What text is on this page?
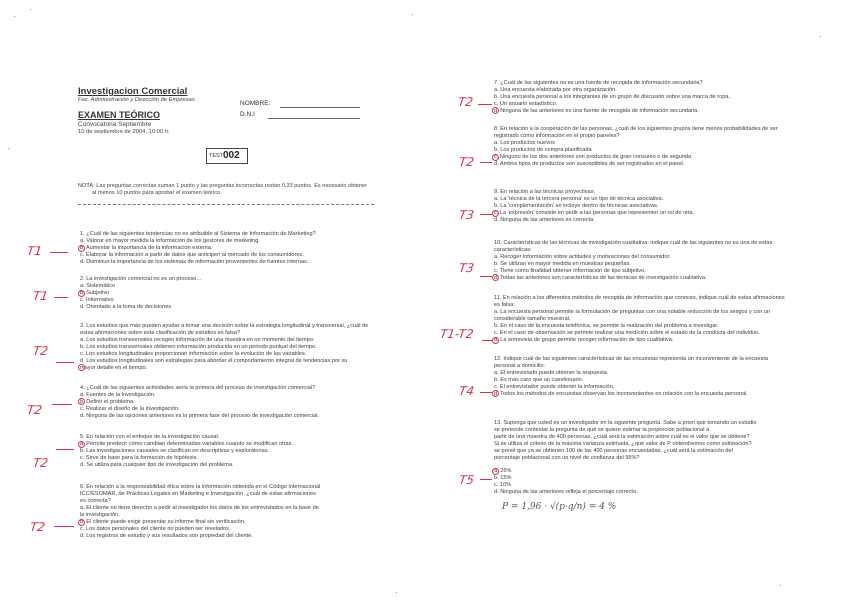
Investigacion Comercial
Fac. Administración y Dirección de Empresas
EXAMEN TEÓRICO
Convocatoria Septiembre
10 de septiembre de 2004, 10:00 h.
NOMBRE:
D.N.I
TEST 002
NOTA: Las preguntas correctas suman 1 punto y las preguntas incorrectas restan 0,33 puntos. Es necesario obtener
al menos 10 puntos para aprobar el examen teórico.
1. ¿Cuál de las siguientes tendencias no es atribuible al Sistema de Información de Marketing?
a. Valorar en mayor medida la información de los gestores de marketing.
b. Aumentar la importancia de la información externa.
c. Elaborar la información a partir de datos que anticipen al mercado de los consumidores.
d. Disminuir la importancia de los sistemas de información provenientes de fuentes internas.
2. La investigación comercial no es un proceso...
a. Sistemático
b. Subjetivo
c. Informativo
d. Orientado a la toma de decisiones
3. Los estudios que más pueden ayudar a tomar una decisión sobre la estrategia longitudinal y transversal, ¿cuál de
estas afirmaciones sobre esta clasificación de estudios es falsa?
a. Los estudios transversales recogen información de una muestra en un momento del tiempo.
b. Los estudios transversales obtienen información producida en un periodo puntual del tiempo.
c. Los estudios longitudinales proporcionan información sobre la evolución de las variables.
d. Los estudios longitudinales son estrategias para abordar el comportamiento integral de tendencias por su
mayor detalle en el tiempo.
4. ¿Cuál de las siguientes actividades sería la primera del proceso de investigación comercial?
a. Fuentes de la investigación.
b. Definir el problema.
c. Realizar el diseño de la investigación.
d. Ninguna de las opciones anteriores es la primera fase del proceso de investigación comercial.
5. En relación con el enfoque de la investigación causal:
a. Permite predecir cómo cambian determinadas variables cuando se modifican otras.
b. Las investigaciones causales se clasifican en descriptivas y exploratorias.
c. Sirve de base para la formación de hipótesis.
d. Se utiliza para cualquier tipo de investigación del problema.
6. En relación a la responsabilidad ética sobre la información obtenida en el Código Internacional
ICC/ESOMAR, de Prácticas Legales en Marketing e Investigación, ¿cuál de estas afirmaciones
es correcta?
a. El cliente no tiene derecho a pedir al investigador los datos de los entrevistados en la base de
la investigación.
b. El cliente puede exigir presentar su informe final sin verificación.
c. Los datos personales del cliente no pueden ser revelados.
d. Los registros de estudio y sus resultados son propiedad del cliente.
7. ¿Cuál de las siguientes no es una fuente de recogida de información secundaria?
a. Una encuesta elaborada por otra organización.
b. Una encuesta personal a los integrantes de un grupo de discusión sobre una marca de ropa.
c. Un anuario estadístico.
d. Ninguna de las anteriores es una fuente de recogida de información secundaria.
8. En relación a la cooperación de las personas, ¿cuál de los siguientes grupos tiene menos probabilidades de ser
registrado como información en el propio paneles?
a. Los productos nuevos
b. Los productos de compra planificada
c. Ninguno de los dos anteriores son productos de gran consumo o de segunda
d. Ambos tipos de productos son susceptibles de ser registrados en el panel.
9. En relación a las técnicas proyectivas:
a. La 'técnica de la tercera persona' es un tipo de técnica asociativa.
b. La 'complementación' se incluye dentro de técnicas asociativas.
c. La 'expresión' consiste en pedir a las personas que representen un rol de otra.
d. Ninguna de las anteriores es correcta.
10. Características de las técnicas de investigación cualitativa: indique cuál de las siguientes no es una de estas
características:
a. Recoger información sobre actitudes y motivaciones del consumidor.
b. Se utilizan en mayor medida en muestras pequeñas.
c. Tiene como finalidad obtener información de tipo subjetivo.
d. Todas las anteriores son características de las técnicas de investigación cualitativa.
11. En relación a los diferentes métodos de recogida de información que conoces, indique cuál de estas afirmaciones
es falsa:
a. La encuesta personal permite la formulación de preguntas con una notable reducción de los sesgos y con un
considerable tamaño muestral.
b. En el caso de la encuesta telefónica, se permite la realización del problema a investigar.
c. En el caso de observación se permite realizar una medición sobre el estado de la conducta del individuo.
d. La entrevista de grupo permite recoger información de tipo cualitativa.
12. Indique cuál de las siguientes características de las encuestas representa un inconveniente de la encuesta
personal a domicilio:
a. El entrevistado puede obtener la respuesta.
b. Es más caro que un cuestionario.
c. El entrevistador puede obtener la información.
d. Todos los métodos de encuestas observan los inconvenientes en relación con la encuesta personal.
13. Suponga que usted es un investigador en la siguiente pregunta. Sabe a priori que tomando un estudio
se pretende contestar la pregunta de qué se quiere estimar la proporción poblacional a
partir de una muestra de 400 personas, ¿cuál será la estimación sobre cuál es el valor que se obtiene?
Si se utiliza el criterio de la máxima varianza estimada, ¿qué valor de P obtendremos como estimación?
se prevé que ya se obtienen 100 de las 400 personas encuestadas, ¿cuál será la estimación del
porcentaje poblacional con un nivel de confianza del 95%?
a. 25%
b. 15%
c. 10%
d. Ninguna de las anteriores refleja el porcentaje correcto.
P = 1,96 · √(p·q/n) = 4 %
T1
T1
T2
T2
T2
T2
T2
T2
T3
T3
T1-T2
T4
T5
